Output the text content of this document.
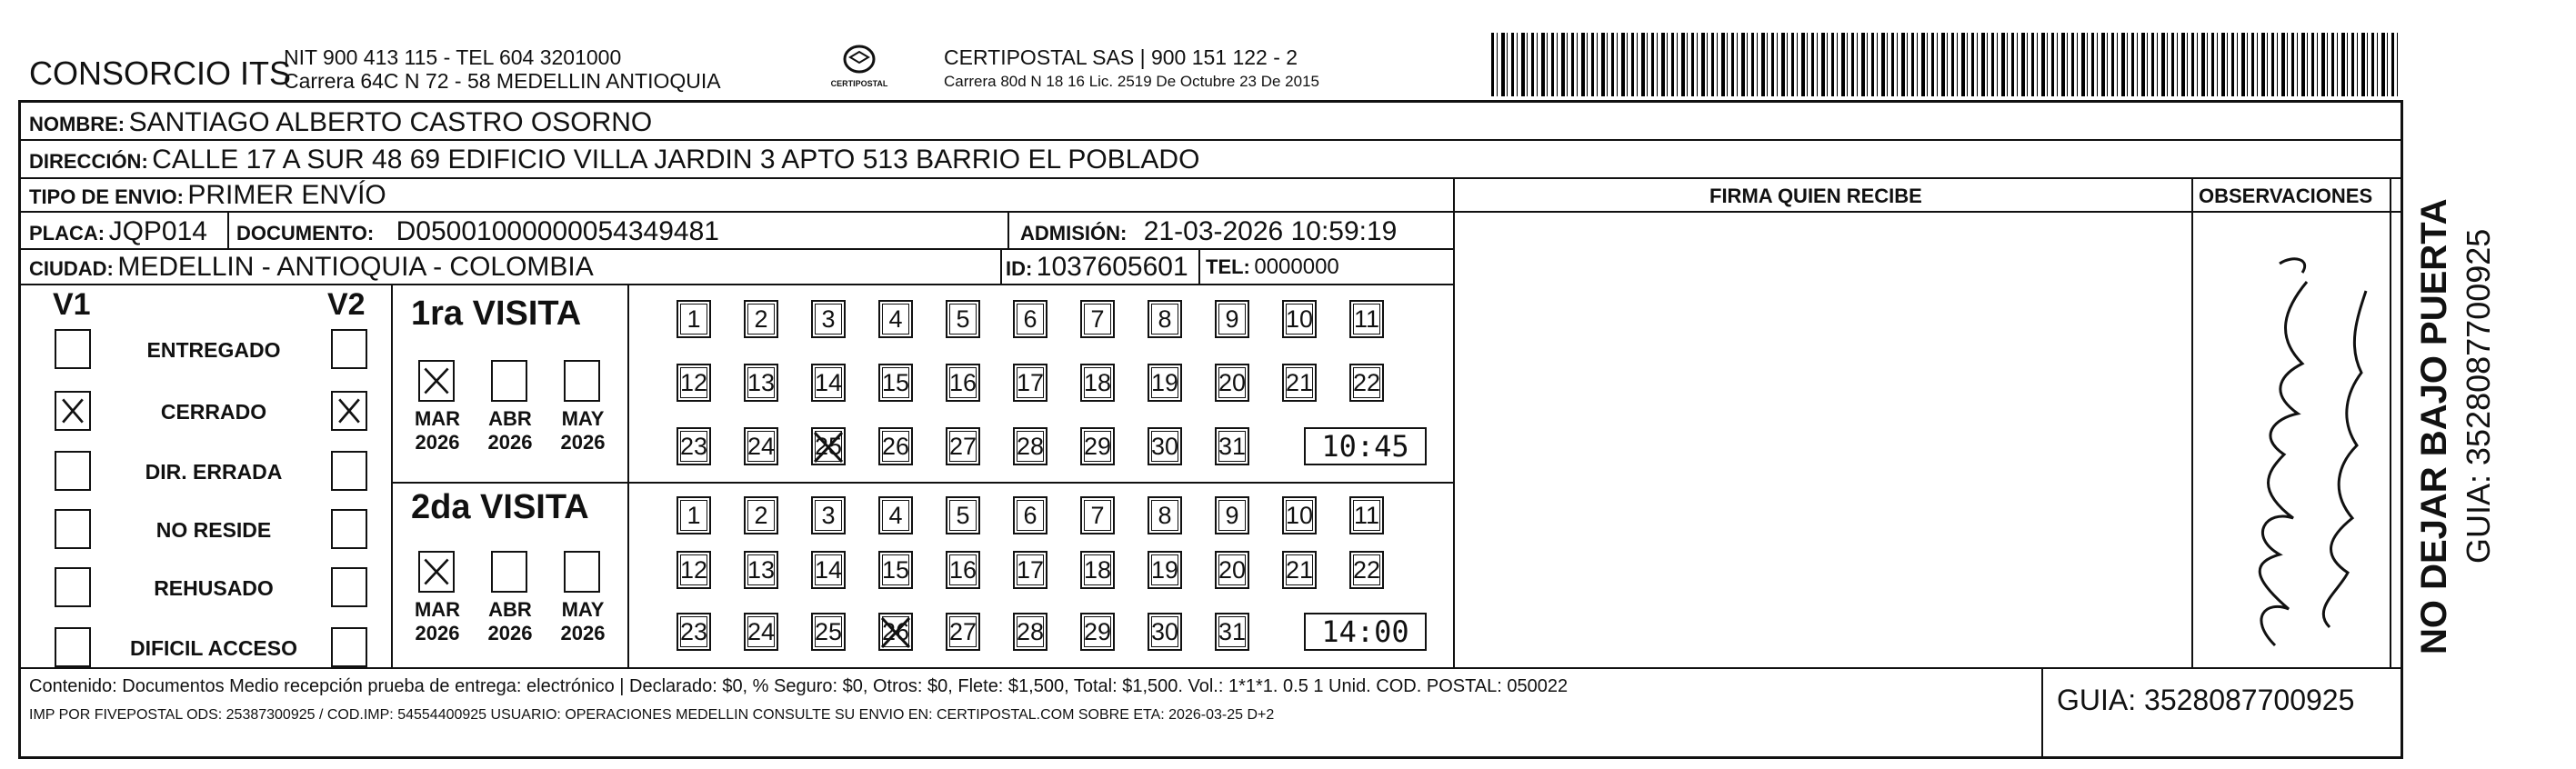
CONSORCIO ITS
NIT 900 413 115 - TEL 604 3201000
Carrera 64C N 72 - 58 MEDELLIN ANTIOQUIA	CERTIPOSTAL
CERTIPOSTAL SAS | 900 151 122 - 2
Carrera 80d N 18 16 Lic. 2519 De Octubre 23 De 2015
NOMBRE: SANTIAGO ALBERTO CASTRO OSORNO
DIRECCIÓN: CALLE 17 A SUR 48 69 EDIFICIO VILLA JARDIN 3 APTO 513 BARRIO EL POBLADO
TIPO DE ENVIO: PRIMER ENVÍO	FIRMA QUIEN RECIBE	OBSERVACIONES
PLACA: JQP014 DOCUMENTO: D05001000000054349481	ADMISIÓN: 21-03-2026 10:59:19
CIUDAD: MEDELLIN - ANTIOQUIA - COLOMBIA	ID: 1037605601 TEL: 0000000
V1	V2
ENTREGADO
CERRADO
DIR. ERRADA
NO RESIDE
REHUSADO
DIFICIL ACCESO
1ra VISITA
2da VISITA
MAR
2026
ABR
2026
MAY
2026
MAR
2026
ABR
2026
MAY
2026
1	2	3	4	5	6	7	8	9	10 11
12 13 14 15 16 17 18 19 20 21 22
23 24 25 26 27 28 29 30 31
1	2	3	4	5	6	7	8	9	10 11
12 13 14 15 16 17 18 19 20 21 22
23 24 25 26 27 28 29 30 31
10:45
14:00
Contenido: Documentos Medio recepción prueba de entrega: electrónico | Declarado: $0, % Seguro: $0, Otros: $0, Flete: $1,500, Total: $1,500. Vol.: 1*1*1. 0.5 1 Unid. COD. POSTAL: 050022
IMP POR FIVEPOSTAL ODS: 25387300925 / COD.IMP: 54554400925 USUARIO: OPERACIONES MEDELLIN CONSULTE SU ENVIO EN: CERTIPOSTAL.COM SOBRE ETA: 2026-03-25 D+2	GUIA: 3528087700925
NO DEJAR BAJO PUERTA GUIA: 3528087700925
